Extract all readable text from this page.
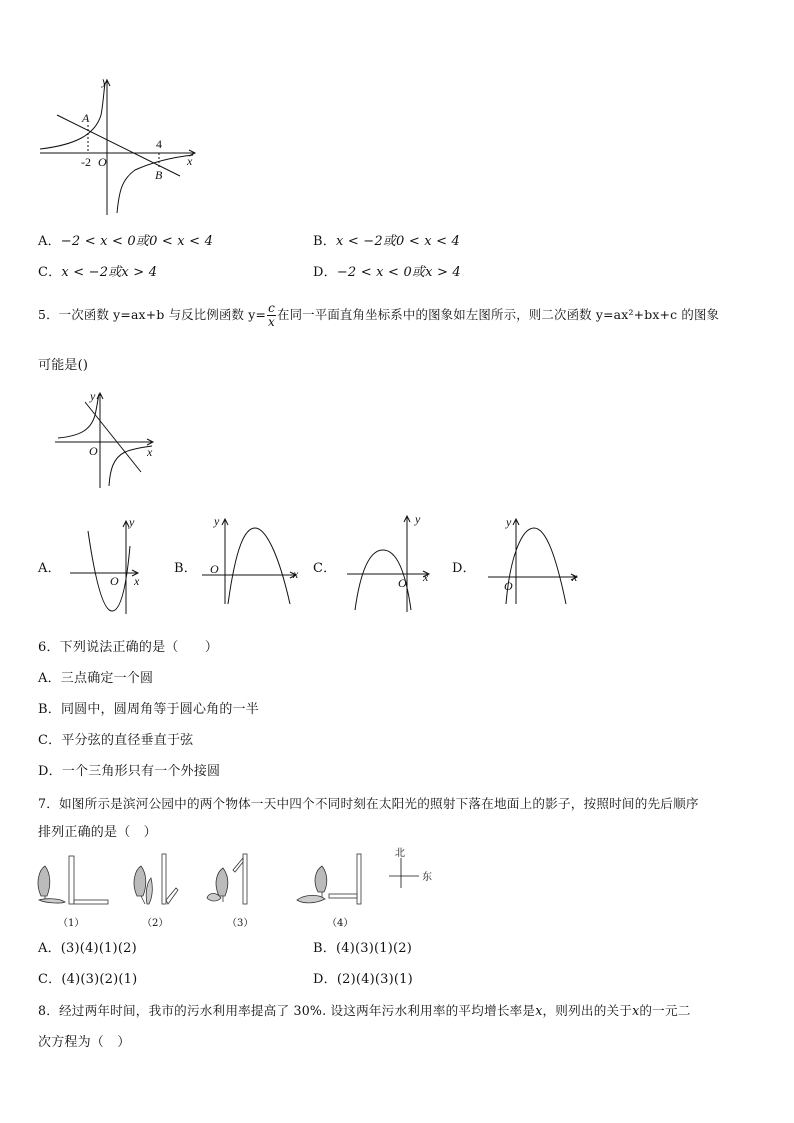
y
x
A
B
O
-2
4
A．−2 < x < 0或0 < x < 4	B．x < −2或0 < x < 4
C．x < −2或x > 4	D．−2 < x < 0或x > 4
5．一次函数 y=ax+b 与反比例函数 $y= \frac{c}{x}$ 在同一平面直角坐标系中的图象如左图所示，则二次函数 y=ax²+bx+c 的图象
可能是()
y
x
O
A．
y
x
O
B．
y
x
O	C．
y
x
O
D．
y
x
O
6．下列说法正确的是（　　）
A．三点确定一个圆
B．同圆中，圆周角等于圆心角的一半
C．平分弦的直径垂直于弦
D．一个三角形只有一个外接圆
7．如图所示是滨河公园中的两个物体一天中四个不同时刻在太阳光的照射下落在地面上的影子，按照时间的先后顺序
排列正确的是（　）
北
东
（1）	（2）	（3）	（4）
A．(3)(4)(1)(2)	B．(4)(3)(1)(2)
C．(4)(3)(2)(1)	D．(2)(4)(3)(1)
8．经过两年时间，我市的污水利用率提高了 30%. 设这两年污水利用率的平均增长率是x，则列出的关于x的一元二
次方程为（　）
